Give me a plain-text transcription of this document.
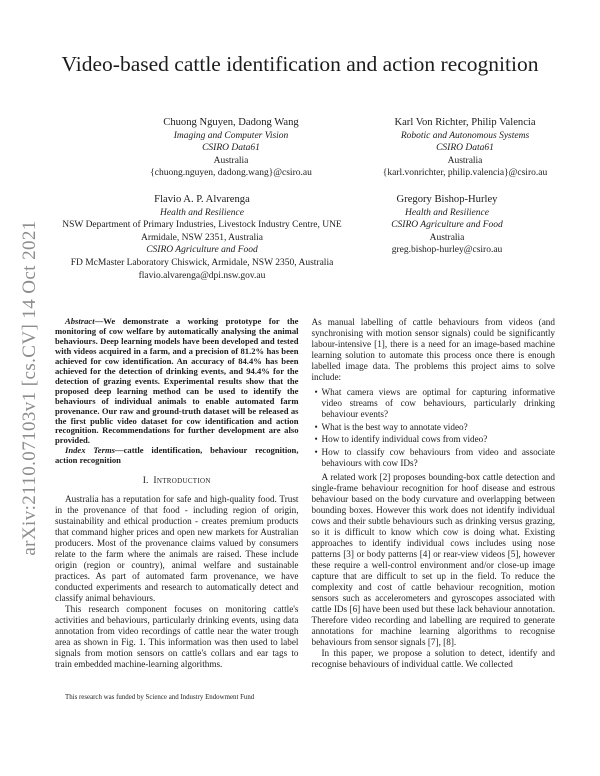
arXiv:2110.07103v1 [cs.CV] 14 Oct 2021
Video-based cattle identification and action recognition
Chuong Nguyen, Dadong Wang
Imaging and Computer Vision
CSIRO Data61
Australia
{chuong.nguyen, dadong.wang}@csiro.au
Karl Von Richter, Philip Valencia
Robotic and Autonomous Systems
CSIRO Data61
Australia
{karl.vonrichter, philip.valencia}@csiro.au
Flavio A. P. Alvarenga
Health and Resilience
NSW Department of Primary Industries, Livestock Industry Centre, UNE
Armidale, NSW 2351, Australia
CSIRO Agriculture and Food
FD McMaster Laboratory Chiswick, Armidale, NSW 2350, Australia
flavio.alvarenga@dpi.nsw.gov.au
Gregory Bishop-Hurley
Health and Resilience
CSIRO Agriculture and Food
Australia
greg.bishop-hurley@csiro.au

Abstract—We demonstrate a working prototype for the monitoring of cow welfare by automatically analysing the animal behaviours. Deep learning models have been developed and tested with videos acquired in a farm, and a precision of 81.2% has been achieved for cow identification. An accuracy of 84.4% has been achieved for the detection of drinking events, and 94.4% for the detection of grazing events. Experimental results show that the proposed deep learning method can be used to identify the behaviours of individual animals to enable automated farm provenance. Our raw and ground-truth dataset will be released as the first public video dataset for cow identification and action recognition. Recommendations for further development are also provided.

Index Terms—cattle identification, behaviour recognition, action recognition

I. Introduction

Australia has a reputation for safe and high-quality food. Trust in the provenance of that food - including region of origin, sustainability and ethical production - creates premium products that command higher prices and open new markets for Australian producers. Most of the provenance claims valued by consumers relate to the farm where the animals are raised. These include origin (region or country), animal welfare and sustainable practices. As part of automated farm provenance, we have conducted experiments and research to automatically detect and classify animal behaviours.

This research component focuses on monitoring cattle's activities and behaviours, particularly drinking events, using data annotation from video recordings of cattle near the water trough area as shown in Fig. 1. This information was then used to label signals from motion sensors on cattle's collars and ear tags to train embedded machine-learning algorithms.

As manual labelling of cattle behaviours from videos (and synchronising with motion sensor signals) could be significantly labour-intensive [1], there is a need for an image-based machine learning solution to automate this process once there is enough labelled image data. The problems this project aims to solve include:

• What camera views are optimal for capturing informative video streams of cow behaviours, particularly drinking behaviour events?
• What is the best way to annotate video?
• How to identify individual cows from video?
• How to classify cow behaviours from video and associate behaviours with cow IDs?

A related work [2] proposes bounding-box cattle detection and single-frame behaviour recognition for hoof disease and estrous behaviour based on the body curvature and overlapping between bounding boxes. However this work does not identify individual cows and their subtle behaviours such as drinking versus grazing, so it is difficult to know which cow is doing what. Existing approaches to identify individual cows includes using nose patterns [3] or body patterns [4] or rear-view videos [5], however these require a well-control environment and/or close-up image capture that are difficult to set up in the field. To reduce the complexity and cost of cattle behaviour recognition, motion sensors such as accelerometers and gyroscopes associated with cattle IDs [6] have been used but these lack behaviour annotation. Therefore video recording and labelling are required to generate annotations for machine learning algorithms to recognise behaviours from sensor signals [7], [8].

In this paper, we propose a solution to detect, identify and recognise behaviours of individual cattle. We collected

This research was funded by Science and Industry Endowment Fund
